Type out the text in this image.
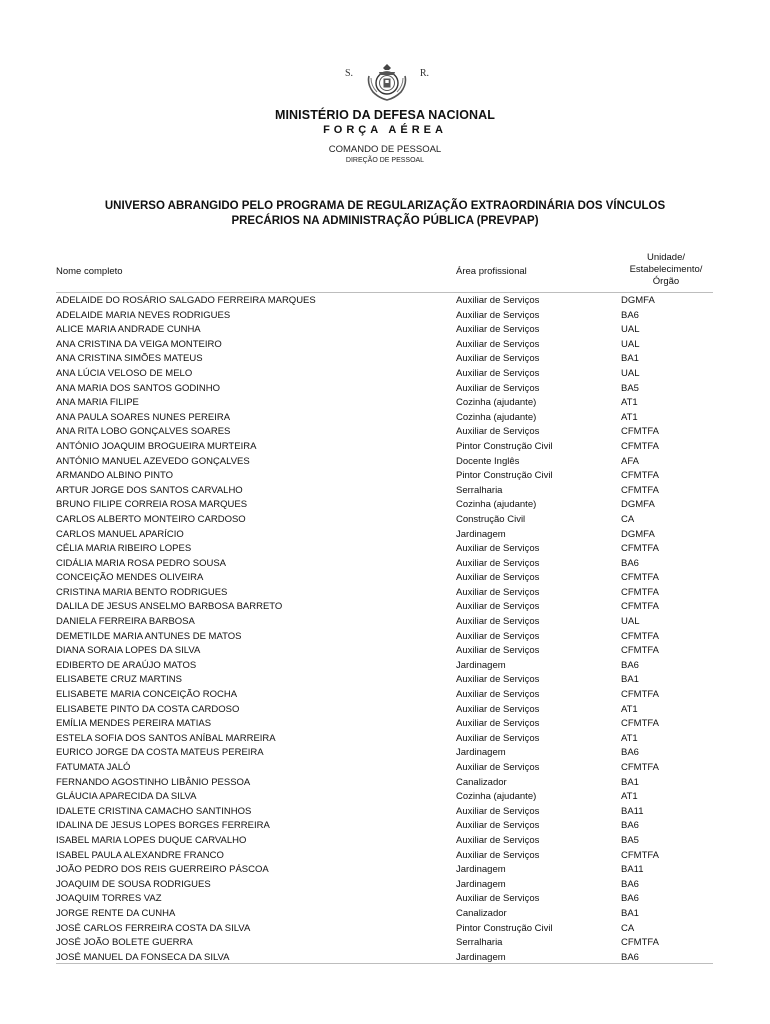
S.	R.
MINISTÉRIO DA DEFESA NACIONAL
FORÇA AÉREA
COMANDO DE PESSOAL
DIREÇÃO DE PESSOAL
UNIVERSO ABRANGIDO PELO PROGRAMA DE REGULARIZAÇÃO EXTRAORDINÁRIA DOS VÍNCULOS
PRECÁRIOS NA ADMINISTRAÇÃO PÚBLICA (PREVPAP)
Nome completo	Área profissional
Unidade/
Estabelecimento/
Órgão
ADELAIDE DO ROSÁRIO SALGADO FERREIRA MARQUES	Auxiliar de Serviços	DGMFA
ADELAIDE MARIA NEVES RODRIGUES	Auxiliar de Serviços	BA6
ALICE MARIA ANDRADE CUNHA	Auxiliar de Serviços	UAL
ANA CRISTINA DA VEIGA MONTEIRO	Auxiliar de Serviços	UAL
ANA CRISTINA SIMÕES MATEUS	Auxiliar de Serviços	BA1
ANA LÚCIA VELOSO DE MELO	Auxiliar de Serviços	UAL
ANA MARIA DOS SANTOS GODINHO	Auxiliar de Serviços	BA5
ANA MARIA FILIPE	Cozinha (ajudante)	AT1
ANA PAULA SOARES NUNES PEREIRA	Cozinha (ajudante)	AT1
ANA RITA LOBO GONÇALVES SOARES	Auxiliar de Serviços	CFMTFA
ANTÓNIO JOAQUIM BROGUEIRA MURTEIRA	Pintor Construção Civil	CFMTFA
ANTÓNIO MANUEL AZEVEDO GONÇALVES	Docente Inglês	AFA
ARMANDO ALBINO PINTO	Pintor Construção Civil	CFMTFA
ARTUR JORGE DOS SANTOS CARVALHO	Serralharia	CFMTFA
BRUNO FILIPE CORREIA ROSA MARQUES	Cozinha (ajudante)	DGMFA
CARLOS ALBERTO MONTEIRO CARDOSO	Construção Civil	CA
CARLOS MANUEL APARÍCIO	Jardinagem	DGMFA
CÉLIA MARIA RIBEIRO LOPES	Auxiliar de Serviços	CFMTFA
CIDÁLIA MARIA ROSA PEDRO SOUSA	Auxiliar de Serviços	BA6
CONCEIÇÃO MENDES OLIVEIRA	Auxiliar de Serviços	CFMTFA
CRISTINA MARIA BENTO RODRIGUES	Auxiliar de Serviços	CFMTFA
DALILA DE JESUS ANSELMO BARBOSA BARRETO	Auxiliar de Serviços	CFMTFA
DANIELA FERREIRA BARBOSA	Auxiliar de Serviços	UAL
DEMETILDE MARIA ANTUNES DE MATOS	Auxiliar de Serviços	CFMTFA
DIANA SORAIA LOPES DA SILVA	Auxiliar de Serviços	CFMTFA
EDIBERTO DE ARAÚJO MATOS	Jardinagem	BA6
ELISABETE CRUZ MARTINS	Auxiliar de Serviços	BA1
ELISABETE MARIA CONCEIÇÃO ROCHA	Auxiliar de Serviços	CFMTFA
ELISABETE PINTO DA COSTA CARDOSO	Auxiliar de Serviços	AT1
EMÍLIA MENDES PEREIRA MATIAS	Auxiliar de Serviços	CFMTFA
ESTELA SOFIA DOS SANTOS ANÍBAL MARREIRA	Auxiliar de Serviços	AT1
EURICO JORGE DA COSTA MATEUS PEREIRA	Jardinagem	BA6
FATUMATA JALÓ	Auxiliar de Serviços	CFMTFA
FERNANDO AGOSTINHO LIBÂNIO PESSOA	Canalizador	BA1
GLÁUCIA APARECIDA DA SILVA	Cozinha (ajudante)	AT1
IDALETE CRISTINA CAMACHO SANTINHOS	Auxiliar de Serviços	BA11
IDALINA DE JESUS LOPES BORGES FERREIRA	Auxiliar de Serviços	BA6
ISABEL MARIA LOPES DUQUE CARVALHO	Auxiliar de Serviços	BA5
ISABEL PAULA ALEXANDRE FRANCO	Auxiliar de Serviços	CFMTFA
JOÃO PEDRO DOS REIS GUERREIRO PÁSCOA	Jardinagem	BA11
JOAQUIM DE SOUSA RODRIGUES	Jardinagem	BA6
JOAQUIM TORRES VAZ	Auxiliar de Serviços	BA6
JORGE RENTE DA CUNHA	Canalizador	BA1
JOSÉ CARLOS FERREIRA COSTA DA SILVA	Pintor Construção Civil	CA
JOSÉ JOÃO BOLETE GUERRA	Serralharia	CFMTFA
JOSÉ MANUEL DA FONSECA DA SILVA	Jardinagem	BA6
